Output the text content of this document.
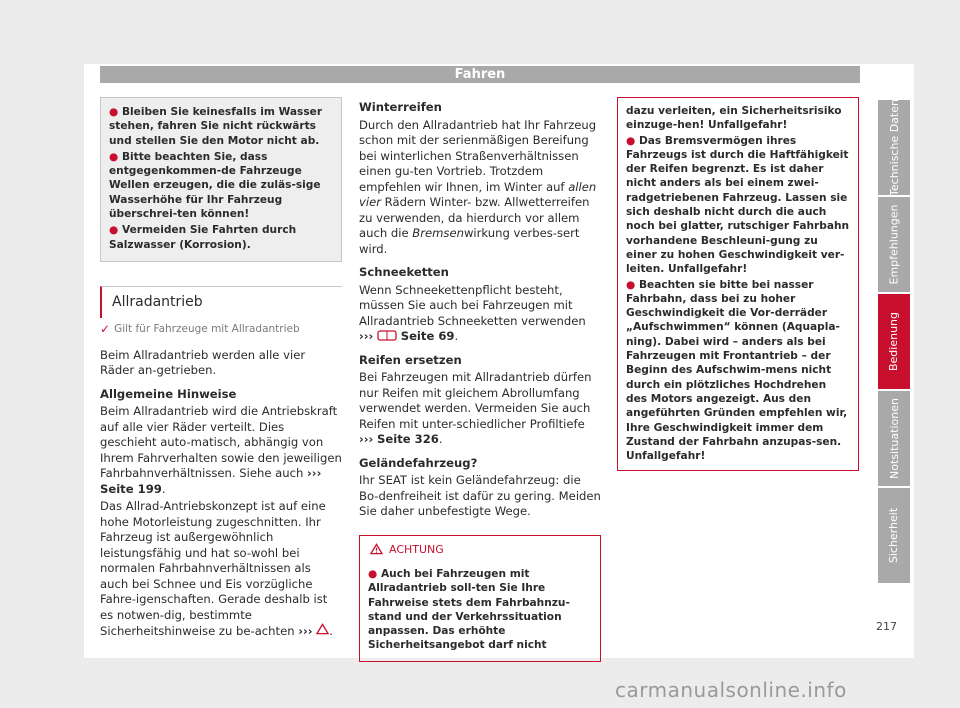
Fahren

● Bleiben Sie keinesfalls im Wasser stehen, fahren Sie nicht rückwärts und stellen Sie den Motor nicht ab.

● Bitte beachten Sie, dass entgegenkommen-de Fahrzeuge Wellen erzeugen, die die zuläs-sige Wasserhöhe für Ihr Fahrzeug überschrei-ten können!

● Vermeiden Sie Fahrten durch Salzwasser (Korrosion).

Allradantrieb
✓ Gilt für Fahrzeuge mit Allradantrieb

Beim Allradantrieb werden alle vier Räder an-getrieben.

Allgemeine Hinweise

Beim Allradantrieb wird die Antriebskraft auf alle vier Räder verteilt. Dies geschieht auto-matisch, abhängig von Ihrem Fahrverhalten sowie den jeweiligen Fahrbahnverhältnissen. Siehe auch ››› Seite 199.

Das Allrad-Antriebskonzept ist auf eine hohe Motorleistung zugeschnitten. Ihr Fahrzeug ist außergewöhnlich leistungsfähig und hat so-wohl bei normalen Fahrbahnverhältnissen als auch bei Schnee und Eis vorzügliche Fahre-igenschaften. Gerade deshalb ist es notwen-dig, bestimmte Sicherheitshinweise zu be-achten ››› .

Winterreifen

Durch den Allradantrieb hat Ihr Fahrzeug schon mit der serienmäßigen Bereifung bei winterlichen Straßenverhältnissen einen gu-ten Vortrieb. Trotzdem empfehlen wir Ihnen, im Winter auf allen vier Rädern Winter- bzw. Allwetterreifen zu verwenden, da hierdurch vor allem auch die Bremsenwirkung verbes-sert wird.

Schneeketten

Wenn Schneekettenpflicht besteht, müssen Sie auch bei Fahrzeugen mit Allradantrieb Schneeketten verwenden ››› Seite 69.

Reifen ersetzen

Bei Fahrzeugen mit Allradantrieb dürfen nur Reifen mit gleichem Abrollumfang verwendet werden. Vermeiden Sie auch Reifen mit unter-schiedlicher Profiltiefe ››› Seite 326.

Geländefahrzeug?

Ihr SEAT ist kein Geländefahrzeug: die Bo-denfreiheit ist dafür zu gering. Meiden Sie daher unbefestigte Wege.

ACHTUNG
● Auch bei Fahrzeugen mit Allradantrieb soll-ten Sie Ihre Fahrweise stets dem Fahrbahnzu-stand und der Verkehrssituation anpassen. Das erhöhte Sicherheitsangebot darf nicht

dazu verleiten, ein Sicherheitsrisiko einzuge-hen! Unfallgefahr!

● Das Bremsvermögen ihres Fahrzeugs ist durch die Haftfähigkeit der Reifen begrenzt. Es ist daher nicht anders als bei einem zwei-radgetriebenen Fahrzeug. Lassen sie sich deshalb nicht durch die auch noch bei glatter, rutschiger Fahrbahn vorhandene Beschleuni-gung zu einer zu hohen Geschwindigkeit ver-leiten. Unfallgefahr!

● Beachten sie bitte bei nasser Fahrbahn, dass bei zu hoher Geschwindigkeit die Vor-derräder „Aufschwimmen“ können (Aquapla-ning). Dabei wird – anders als bei Fahrzeugen mit Frontantrieb – der Beginn des Aufschwim-mens nicht durch ein plötzliches Hochdrehen des Motors angezeigt. Aus den angeführten Gründen empfehlen wir, Ihre Geschwindigkeit immer dem Zustand der Fahrbahn anzupas-sen. Unfallgefahr!

Technische Daten
Empfehlungen
Bedienung
Notsituationen
Sicherheit
217
carmanualsonline.info
